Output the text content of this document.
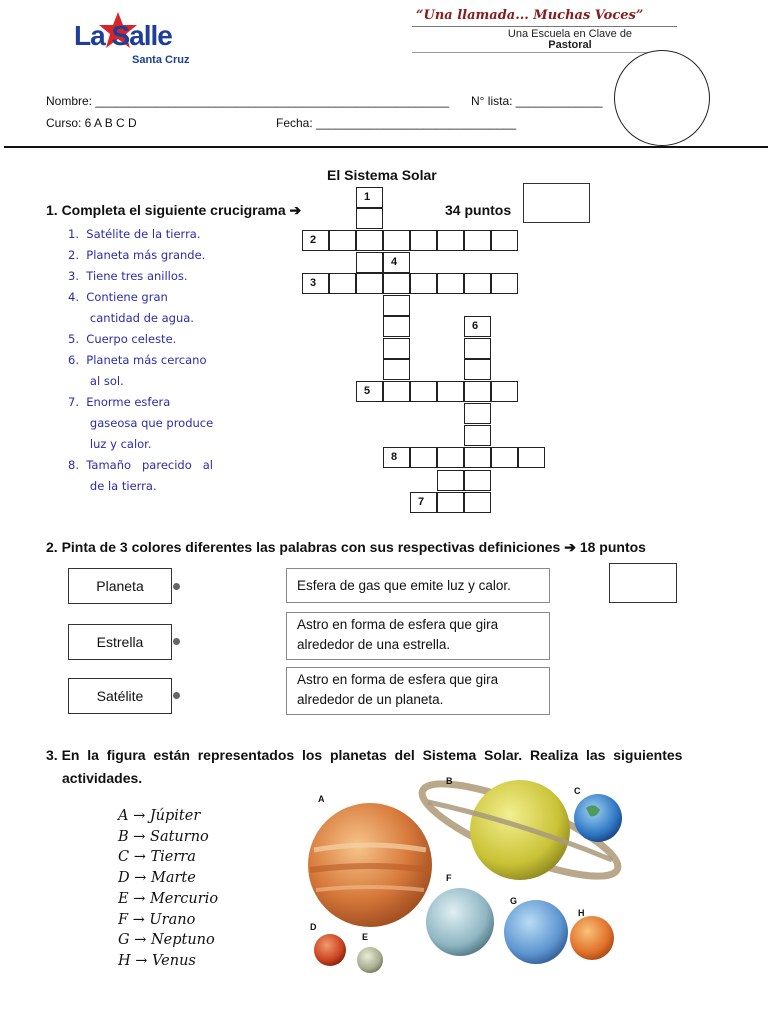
La Salle
Santa Cruz
“Una llamada... Muchas Voces”
Una Escuela en Clave de
Pastoral
Nombre: _____________________________________________________ N° lista: _____________
Curso: 6 A B C D	Fecha: ______________________________
El Sistema Solar
1. Completa el siguiente crucigrama ➔	34 puntos
1.  Satélite de la tierra.
2.  Planeta más grande.
3.  Tiene tres anillos.
4.  Contiene gran
cantidad de agua.
5.  Cuerpo celeste.
6.  Planeta más cercano
al sol.
7.  Enorme esfera
gaseosa que produce
luz y calor.
8.  Tamaño   parecido   al
de la tierra.
2. Pinta de 3 colores diferentes las palabras con sus respectivas definiciones ➔ 18 puntos
Planeta
Estrella
Satélite
Esfera de gas que emite luz y calor.
Astro en forma de esfera que gira
alrededor de una estrella.
Astro en forma de esfera que gira
alrededor de un planeta.
3. En  la  figura  están  representados  los  planetas  del  Sistema  Solar.  Realiza  las  siguientes
actividades.
A → Júpiter
B → Saturno
C → Tierra
D → Marte
E → Mercurio
F → Urano
G → Neptuno
H → Venus
A
B
C
D
E
F
G
H
1
2
3
4
5
6
7
8
